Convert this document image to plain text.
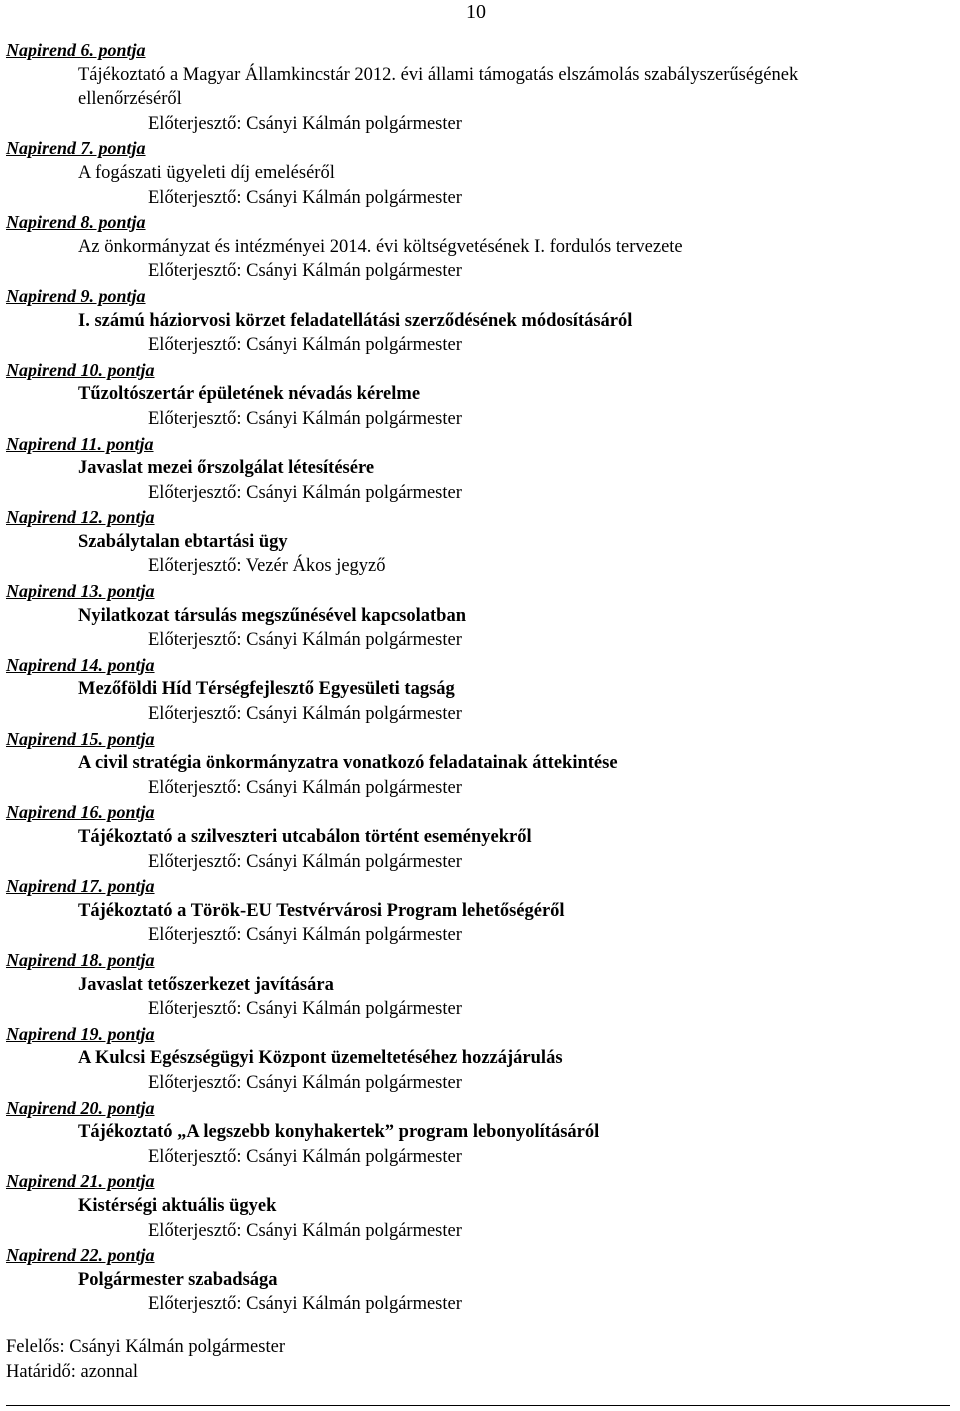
10
Napirend 6. pontja
Tájékoztató a Magyar Államkincstár 2012. évi állami támogatás elszámolás szabályszerűségének
ellenőrzéséről
Előterjesztő: Csányi Kálmán polgármester
Napirend 7. pontja
A fogászati ügyeleti díj emeléséről
Előterjesztő: Csányi Kálmán polgármester
Napirend 8. pontja
Az önkormányzat és intézményei 2014. évi költségvetésének I. fordulós tervezete
Előterjesztő: Csányi Kálmán polgármester
Napirend 9. pontja
I. számú háziorvosi körzet feladatellátási szerződésének módosításáról
Előterjesztő: Csányi Kálmán polgármester
Napirend 10. pontja
Tűzoltószertár épületének névadás kérelme
Előterjesztő: Csányi Kálmán polgármester
Napirend 11. pontja
Javaslat mezei őrszolgálat létesítésére
Előterjesztő: Csányi Kálmán polgármester
Napirend 12. pontja
Szabálytalan ebtartási ügy
Előterjesztő: Vezér Ákos jegyző
Napirend 13. pontja
Nyilatkozat társulás megszűnésével kapcsolatban
Előterjesztő: Csányi Kálmán polgármester
Napirend 14. pontja
Mezőföldi Híd Térségfejlesztő Egyesületi tagság
Előterjesztő: Csányi Kálmán polgármester
Napirend 15. pontja
A civil stratégia önkormányzatra vonatkozó feladatainak áttekintése
Előterjesztő: Csányi Kálmán polgármester
Napirend 16. pontja
Tájékoztató a szilveszteri utcabálon történt eseményekről
Előterjesztő: Csányi Kálmán polgármester
Napirend 17. pontja
Tájékoztató a Török-EU Testvérvárosi Program lehetőségéről
Előterjesztő: Csányi Kálmán polgármester
Napirend 18. pontja
Javaslat tetőszerkezet javítására
Előterjesztő: Csányi Kálmán polgármester
Napirend 19. pontja
A Kulcsi Egészségügyi Központ üzemeltetéséhez hozzájárulás
Előterjesztő: Csányi Kálmán polgármester
Napirend 20. pontja
Tájékoztató „A legszebb konyhakertek” program lebonyolításáról
Előterjesztő: Csányi Kálmán polgármester
Napirend 21. pontja
Kistérségi aktuális ügyek
Előterjesztő: Csányi Kálmán polgármester
Napirend 22. pontja
Polgármester szabadsága
Előterjesztő: Csányi Kálmán polgármester
Felelős: Csányi Kálmán polgármester
Határidő: azonnal
